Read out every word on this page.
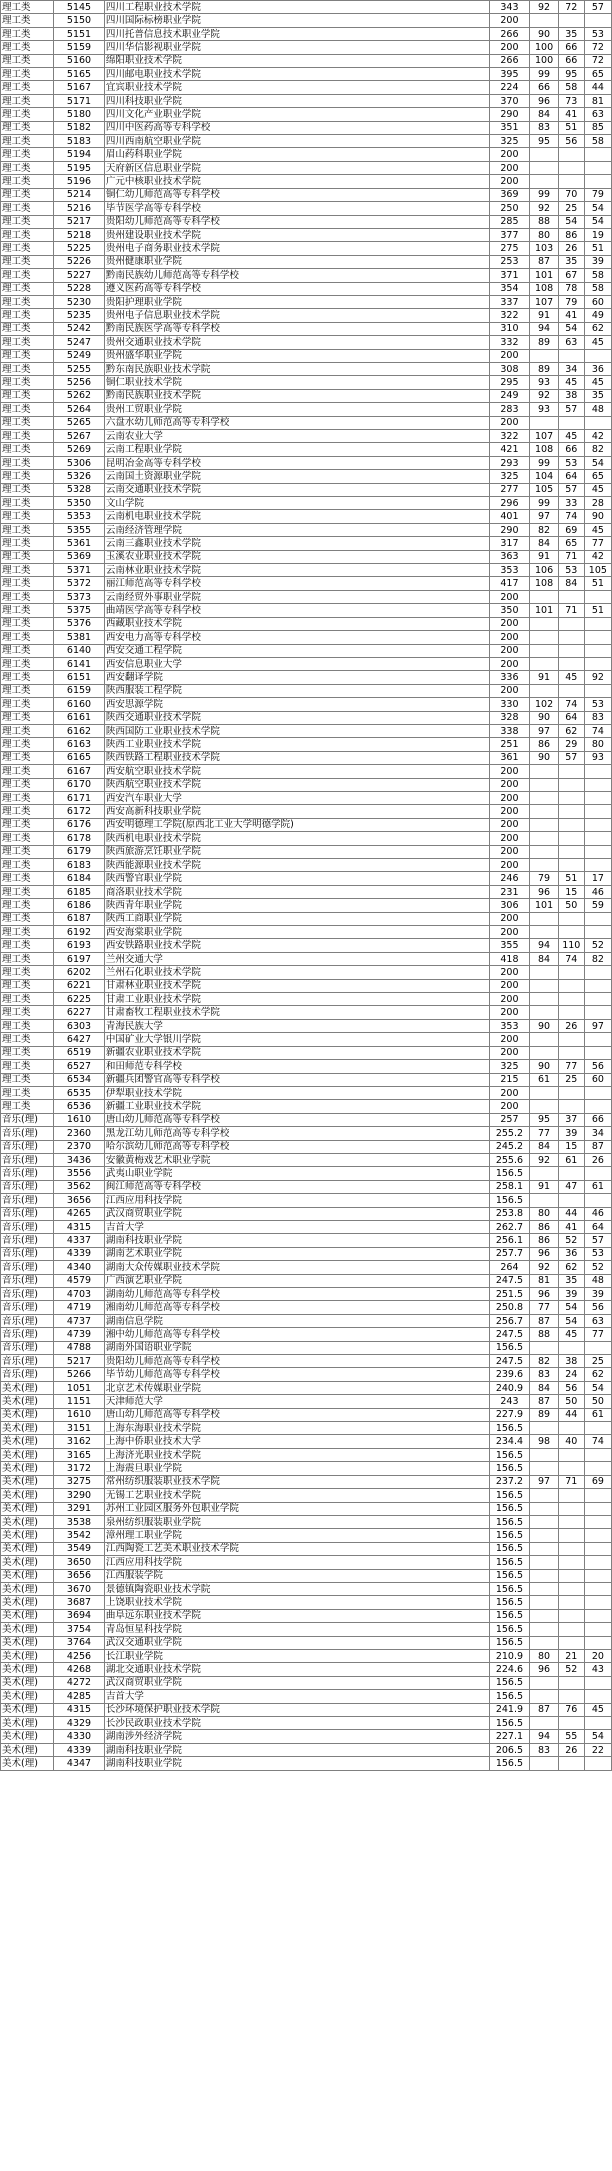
理工类	5145	四川工程职业技术学院	343	92	72	57
理工类	5150	四川国际标榜职业学院	200			
理工类	5151	四川托普信息技术职业学院	266	90	35	53
理工类	5159	四川华信影视职业学院	200	100	66	72
理工类	5160	绵阳职业技术学院	266	100	66	72
理工类	5165	四川邮电职业技术学院	395	99	95	65
理工类	5167	宜宾职业技术学院	224	66	58	44
理工类	5171	四川科技职业学院	370	96	73	81
理工类	5180	四川文化产业职业学院	290	84	41	63
理工类	5182	四川中医药高等专科学校	351	83	51	85
理工类	5183	四川西南航空职业学院	325	95	56	58
理工类	5194	眉山药科职业学院	200			
理工类	5195	天府新区信息职业学院	200			
理工类	5196	广元中核职业技术学院	200			
理工类	5214	铜仁幼儿师范高等专科学校	369	99	70	79
理工类	5216	毕节医学高等专科学校	250	92	25	54
理工类	5217	贵阳幼儿师范高等专科学校	285	88	54	54
理工类	5218	贵州建设职业技术学院	377	80	86	19
理工类	5225	贵州电子商务职业技术学院	275	103	26	51
理工类	5226	贵州健康职业学院	253	87	35	39
理工类	5227	黔南民族幼儿师范高等专科学校	371	101	67	58
理工类	5228	遵义医药高等专科学校	354	108	78	58
理工类	5230	贵阳护理职业学院	337	107	79	60
理工类	5235	贵州电子信息职业技术学院	322	91	41	49
理工类	5242	黔南民族医学高等专科学校	310	94	54	62
理工类	5247	贵州交通职业技术学院	332	89	63	45
理工类	5249	贵州盛华职业学院	200			
理工类	5255	黔东南民族职业技术学院	308	89	34	36
理工类	5256	铜仁职业技术学院	295	93	45	45
理工类	5262	黔南民族职业技术学院	249	92	38	35
理工类	5264	贵州工贸职业学院	283	93	57	48
理工类	5265	六盘水幼儿师范高等专科学校	200			
理工类	5267	云南农业大学	322	107	45	42
理工类	5269	云南工程职业学院	421	108	66	82
理工类	5306	昆明冶金高等专科学校	293	99	53	54
理工类	5326	云南国土资源职业学院	325	104	64	65
理工类	5328	云南交通职业技术学院	277	105	57	45
理工类	5350	文山学院	296	99	33	28
理工类	5353	云南机电职业技术学院	401	97	74	90
理工类	5355	云南经济管理学院	290	82	69	45
理工类	5361	云南三鑫职业技术学院	317	84	65	77
理工类	5369	玉溪农业职业技术学院	363	91	71	42
理工类	5371	云南林业职业技术学院	353	106	53	105
理工类	5372	丽江师范高等专科学校	417	108	84	51
理工类	5373	云南经贸外事职业学院	200			
理工类	5375	曲靖医学高等专科学校	350	101	71	51
理工类	5376	西藏职业技术学院	200			
理工类	5381	西安电力高等专科学校	200			
理工类	6140	西安交通工程学院	200			
理工类	6141	西安信息职业大学	200			
理工类	6151	西安翻译学院	336	91	45	92
理工类	6159	陕西服装工程学院	200			
理工类	6160	西安思源学院	330	102	74	53
理工类	6161	陕西交通职业技术学院	328	90	64	83
理工类	6162	陕西国防工业职业技术学院	338	97	62	74
理工类	6163	陕西工业职业技术学院	251	86	29	80
理工类	6165	陕西铁路工程职业技术学院	361	90	57	93
理工类	6167	西安航空职业技术学院	200			
理工类	6170	陕西航空职业技术学院	200			
理工类	6171	西安汽车职业大学	200			
理工类	6172	西安高新科技职业学院	200			
理工类	6176	西安明德理工学院(原西北工业大学明德学院)	200			
理工类	6178	陕西机电职业技术学院	200			
理工类	6179	陕西旅游烹饪职业学院	200			
理工类	6183	陕西能源职业技术学院	200			
理工类	6184	陕西警官职业学院	246	79	51	17
理工类	6185	商洛职业技术学院	231	96	15	46
理工类	6186	陕西青年职业学院	306	101	50	59
理工类	6187	陕西工商职业学院	200			
理工类	6192	西安海棠职业学院	200			
理工类	6193	西安铁路职业技术学院	355	94	110	52
理工类	6197	兰州交通大学	418	84	74	82
理工类	6202	兰州石化职业技术学院	200			
理工类	6221	甘肃林业职业技术学院	200			
理工类	6225	甘肃工业职业技术学院	200			
理工类	6227	甘肃畜牧工程职业技术学院	200			
理工类	6303	青海民族大学	353	90	26	97
理工类	6427	中国矿业大学银川学院	200			
理工类	6519	新疆农业职业技术学院	200			
理工类	6527	和田师范专科学校	325	90	77	56
理工类	6534	新疆兵团警官高等专科学校	215	61	25	60
理工类	6535	伊犁职业技术学院	200			
理工类	6536	新疆工业职业技术学院	200			
音乐(理)	1610	唐山幼儿师范高等专科学校	257	95	37	66
音乐(理)	2360	黑龙江幼儿师范高等专科学校	255.2	77	39	34
音乐(理)	2370	哈尔滨幼儿师范高等专科学校	245.2	84	15	87
音乐(理)	3436	安徽黄梅戏艺术职业学院	255.6	92	61	26
音乐(理)	3556	武夷山职业学院	156.5			
音乐(理)	3562	闽江师范高等专科学校	258.1	91	47	61
音乐(理)	3656	江西应用科技学院	156.5			
音乐(理)	4265	武汉商贸职业学院	253.8	80	44	46
音乐(理)	4315	吉首大学	262.7	86	41	64
音乐(理)	4337	湖南科技职业学院	256.1	86	52	57
音乐(理)	4339	湖南艺术职业学院	257.7	96	36	53
音乐(理)	4340	湖南大众传媒职业技术学院	264	92	62	52
音乐(理)	4579	广西演艺职业学院	247.5	81	35	48
音乐(理)	4703	湖南幼儿师范高等专科学校	251.5	96	39	39
音乐(理)	4719	湘南幼儿师范高等专科学校	250.8	77	54	56
音乐(理)	4737	湖南信息学院	256.7	87	54	63
音乐(理)	4739	湘中幼儿师范高等专科学校	247.5	88	45	77
音乐(理)	4788	湖南外国语职业学院	156.5			
音乐(理)	5217	贵阳幼儿师范高等专科学校	247.5	82	38	25
音乐(理)	5266	毕节幼儿师范高等专科学校	239.6	83	24	62
美术(理)	1051	北京艺术传媒职业学院	240.9	84	56	54
美术(理)	1151	天津师范大学	243	87	50	50
美术(理)	1610	唐山幼儿师范高等专科学校	227.9	89	44	61
美术(理)	3151	上海东海职业技术学院	156.5			
美术(理)	3162	上海中侨职业技术大学	234.4	98	40	74
美术(理)	3165	上海济光职业技术学院	156.5			
美术(理)	3172	上海震旦职业学院	156.5			
美术(理)	3275	常州纺织服装职业技术学院	237.2	97	71	69
美术(理)	3290	无锡工艺职业技术学院	156.5			
美术(理)	3291	苏州工业园区服务外包职业学院	156.5			
美术(理)	3538	泉州纺织服装职业学院	156.5			
美术(理)	3542	漳州理工职业学院	156.5			
美术(理)	3549	江西陶瓷工艺美术职业技术学院	156.5			
美术(理)	3650	江西应用科技学院	156.5			
美术(理)	3656	江西服装学院	156.5			
美术(理)	3670	景德镇陶瓷职业技术学院	156.5			
美术(理)	3687	上饶职业技术学院	156.5			
美术(理)	3694	曲阜远东职业技术学院	156.5			
美术(理)	3754	青岛恒星科技学院	156.5			
美术(理)	3764	武汉交通职业学院	156.5			
美术(理)	4256	长江职业学院	210.9	80	21	20
美术(理)	4268	湖北交通职业技术学院	224.6	96	52	43
美术(理)	4272	武汉商贸职业学院	156.5			
美术(理)	4285	吉首大学	156.5			
美术(理)	4315	长沙环境保护职业技术学院	241.9	87	76	45
美术(理)	4329	长沙民政职业技术学院	156.5			
美术(理)	4330	湖南涉外经济学院	227.1	94	55	54
美术(理)	4339	湖南科技职业学院	206.5	83	26	22
美术(理)	4347	湖南科技职业学院	156.5			
